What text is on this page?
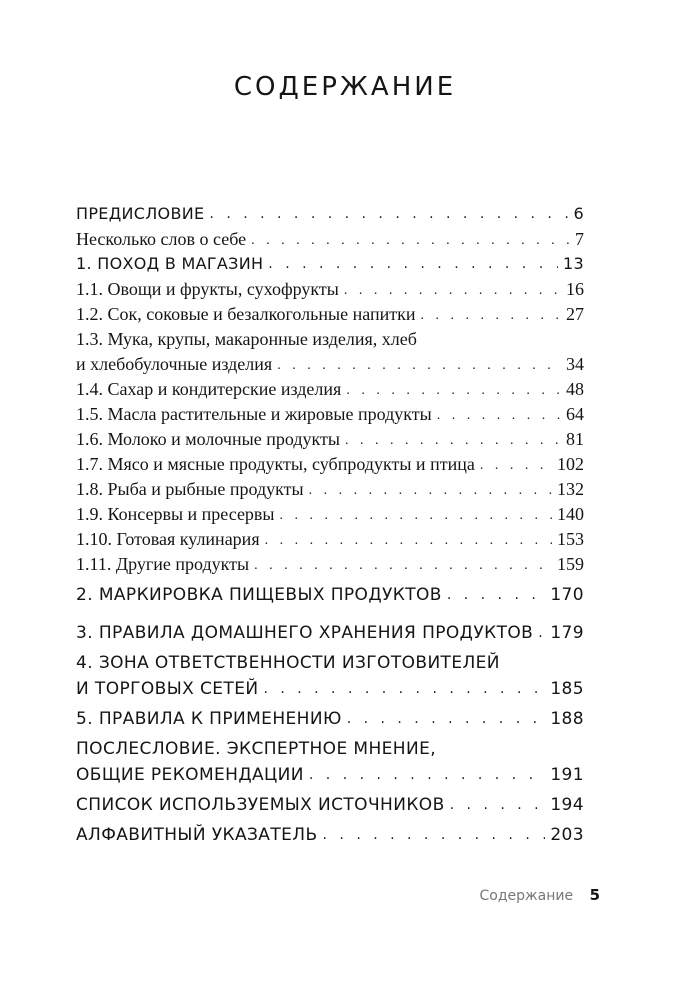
СОДЕРЖАНИЕ
ПРЕДИСЛОВИЕ . . .	6
Несколько слов о себе . . .	7
1. ПОХОД В МАГАЗИН . . .	13
1.1. Овощи и фрукты, сухофрукты . . .	16
1.2. Сок, соковые и безалкогольные напитки . . .	27
1.3. Мука, крупы, макаронные изделия, хлеб
и хлебобулочные изделия . . .	34
1.4. Сахар и кондитерские изделия . . .	48
1.5. Масла растительные и жировые продукты . . .	64
1.6. Молоко и молочные продукты . . .	81
1.7. Мясо и мясные продукты, субпродукты и птица . . .	102
1.8. Рыба и рыбные продукты . . .	132
1.9. Консервы и пресервы . . .	140
1.10. Готовая кулинария . . .	153
1.11. Другие продукты . . .	159
2. МАРКИРОВКА ПИЩЕВЫХ ПРОДУКТОВ . . .	170
3. ПРАВИЛА ДОМАШНЕГО ХРАНЕНИЯ ПРОДУКТОВ . . . 179
4. ЗОНА ОТВЕТСТВЕННОСТИ ИЗГОТОВИТЕЛЕЙ
И ТОРГОВЫХ СЕТЕЙ . . .	185
5. ПРАВИЛА К ПРИМЕНЕНИЮ . . .	188
ПОСЛЕСЛОВИЕ. ЭКСПЕРТНОЕ МНЕНИЕ,
ОБЩИЕ РЕКОМЕНДАЦИИ . . .	191
СПИСОК ИСПОЛЬЗУЕМЫХ ИСТОЧНИКОВ . . .	194
АЛФАВИТНЫЙ УКАЗАТЕЛЬ . . .	203
Содержание 5
